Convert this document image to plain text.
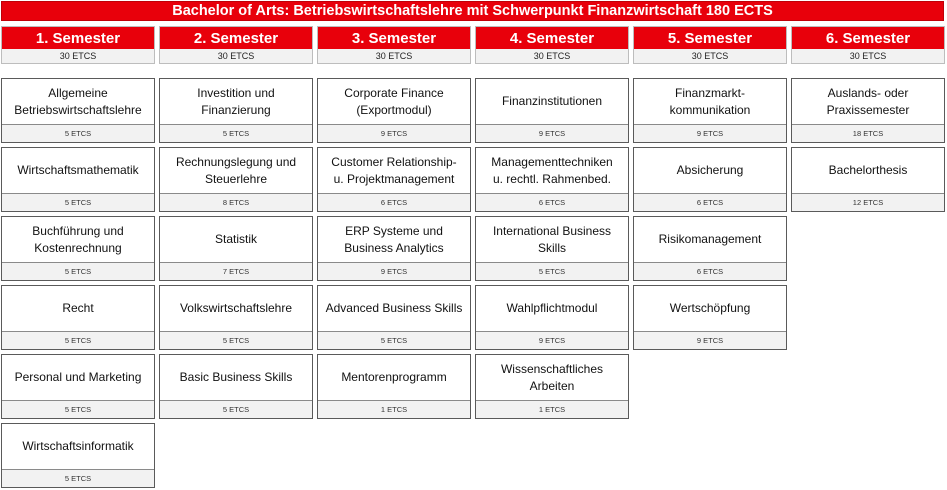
Bachelor of Arts: Betriebswirtschaftslehre mit Schwerpunkt Finanzwirtschaft 180 ECTS
1. Semester
30 ETCS
Allgemeine
Betriebswirtschaftslehre
5 ETCS
Wirtschaftsmathematik
5 ETCS
Buchführung und
Kostenrechnung
5 ETCS
Recht
5 ETCS
Personal und Marketing
5 ETCS
Wirtschaftsinformatik
5 ETCS
2. Semester
30 ETCS
Investition und
Finanzierung
5 ETCS
Rechnungslegung und
Steuerlehre
8 ETCS
Statistik
7 ETCS
Volkswirtschaftslehre
5 ETCS
Basic Business Skills
5 ETCS
3. Semester
30 ETCS
Corporate Finance
(Exportmodul)
9 ETCS
Customer Relationship-
u. Projektmanagement
6 ETCS
ERP Systeme und
Business Analytics
9 ETCS
Advanced Business Skills
5 ETCS
Mentorenprogramm
1 ETCS
4. Semester
30 ETCS
Finanzinstitutionen
9 ETCS
Managementtechniken
u. rechtl. Rahmenbed.
6 ETCS
International Business
Skills
5 ETCS
Wahlpflichtmodul
9 ETCS
Wissenschaftliches
Arbeiten
1 ETCS
5. Semester
30 ETCS
Finanzmarkt-
kommunikation
9 ETCS
Absicherung
6 ETCS
Risikomanagement
6 ETCS
Wertschöpfung
9 ETCS
6. Semester
30 ETCS
Auslands- oder
Praxissemester
18 ETCS
Bachelorthesis
12 ETCS
